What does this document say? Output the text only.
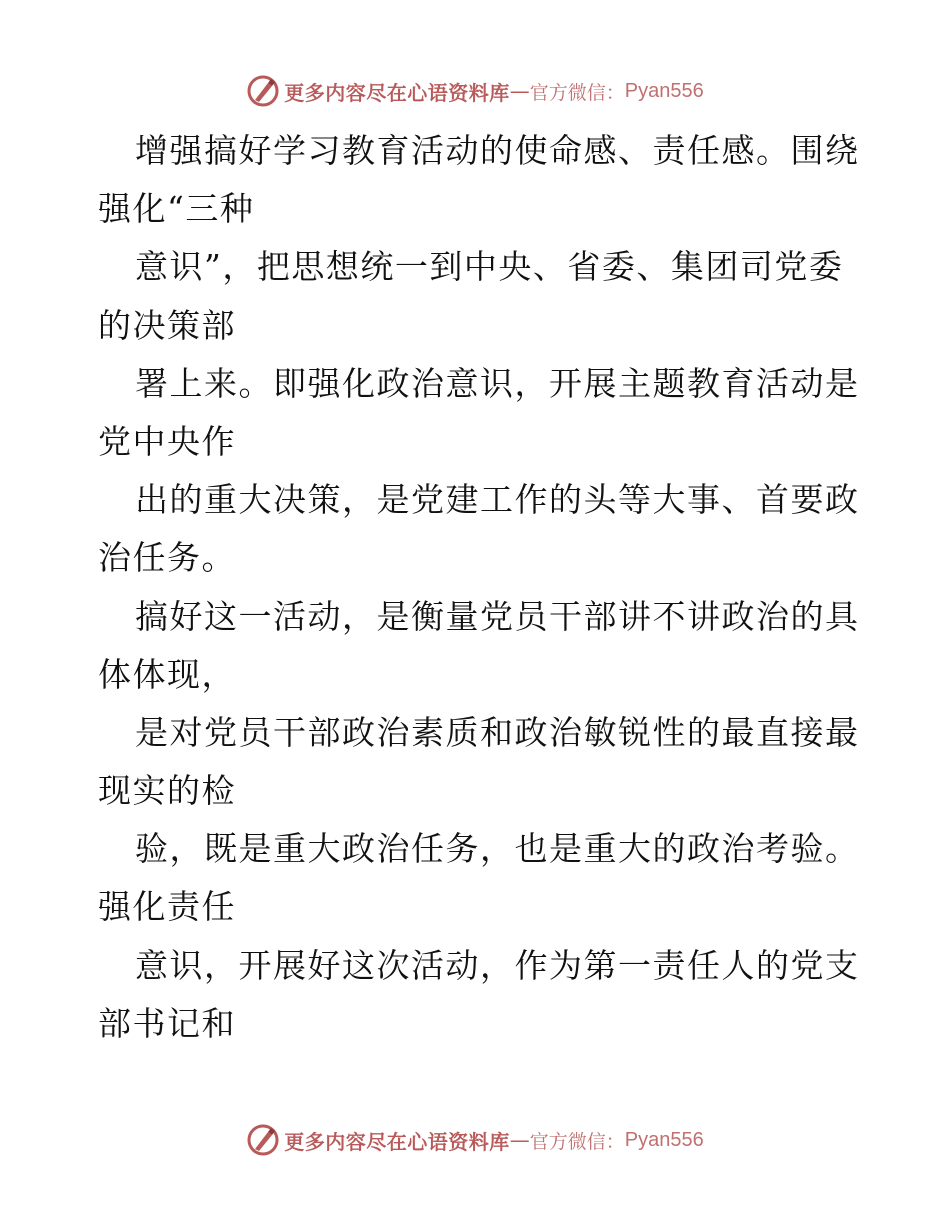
更多内容尽在心语资料库 — 官方微信： Pyan556
增强搞好学习教育活动的使命感、责任感。围绕
强化“三种
意识”，把思想统一到中央、省委、集团司党委
的决策部
署上来。即强化政治意识，开展主题教育活动是
党中央作
出的重大决策，是党建工作的头等大事、首要政
治任务。
搞好这一活动，是衡量党员干部讲不讲政治的具
体体现，
是对党员干部政治素质和政治敏锐性的最直接最
现实的检
验，既是重大政治任务，也是重大的政治考验。
强化责任
意识，开展好这次活动，作为第一责任人的党支
部书记和
更多内容尽在心语资料库 — 官方微信： Pyan556
